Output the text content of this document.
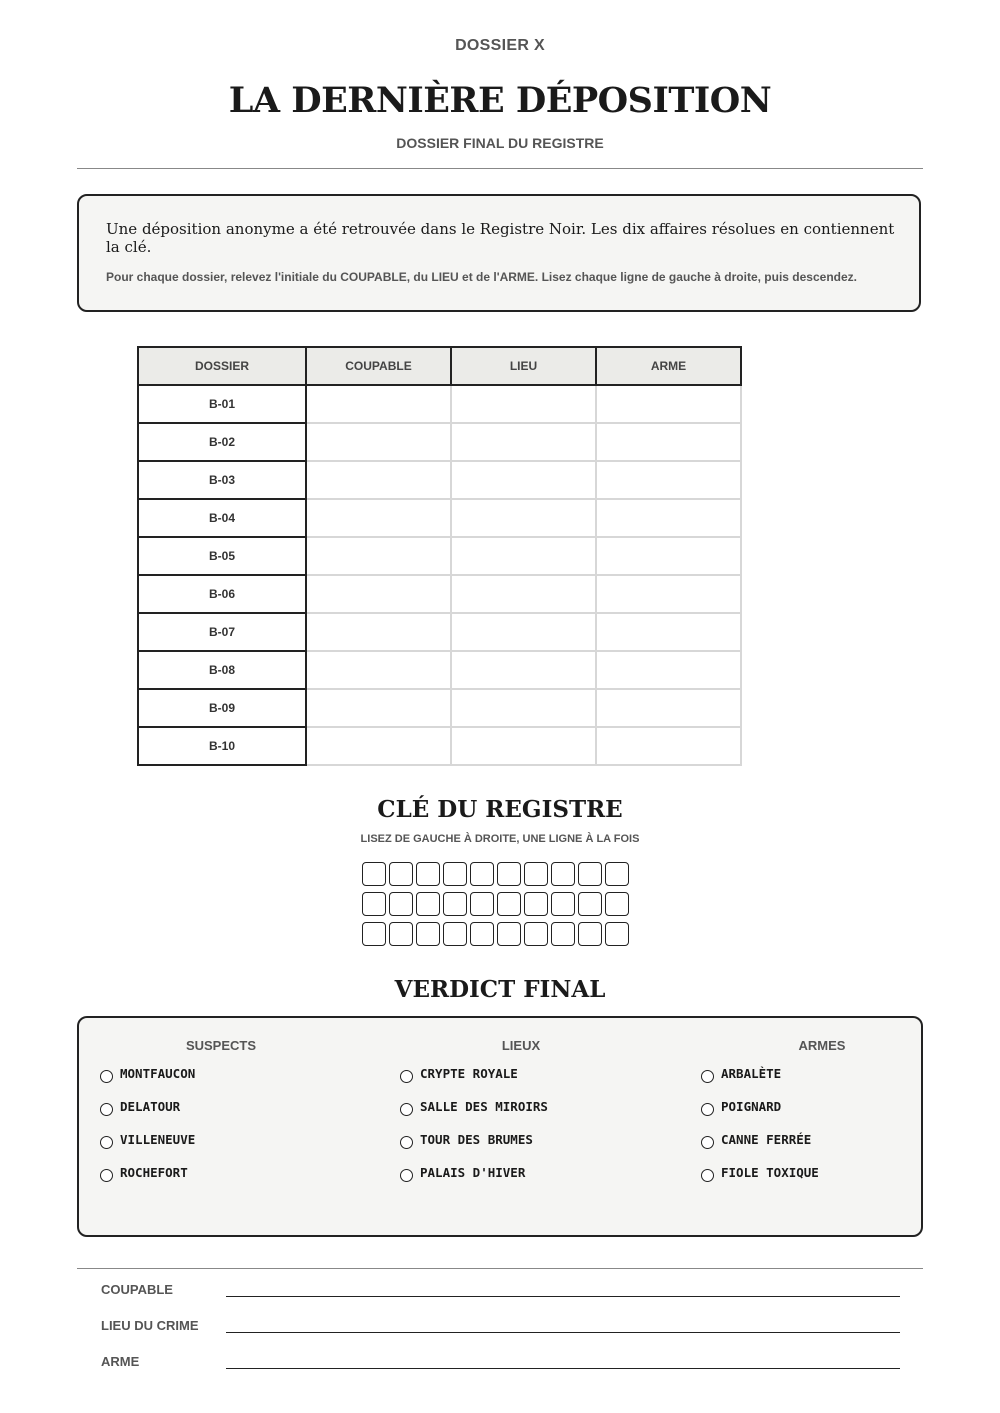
DOSSIER X
LA DERNIÈRE DÉPOSITION
DOSSIER FINAL DU REGISTRE
Une déposition anonyme a été retrouvée dans le Registre Noir. Les dix affaires résolues en contiennent la clé.
Pour chaque dossier, relevez l'initiale du COUPABLE, du LIEU et de l'ARME. Lisez chaque ligne de gauche à droite, puis descendez.
DOSSIER	COUPABLE	LIEU	ARME
B-01			
B-02			
B-03			
B-04			
B-05			
B-06			
B-07			
B-08			
B-09			
B-10			
CLÉ DU REGISTRE
LISEZ DE GAUCHE À DROITE, UNE LIGNE À LA FOIS
VERDICT FINAL
SUSPECTS
MONTFAUCON
DELATOUR
VILLENEUVE
ROCHEFORT
LIEUX
CRYPTE ROYALE
SALLE DES MIROIRS
TOUR DES BRUMES
PALAIS D'HIVER
ARMES
ARBALÈTE
POIGNARD
CANNE FERRÉE
FIOLE TOXIQUE
COUPABLE
LIEU DU CRIME
ARME
